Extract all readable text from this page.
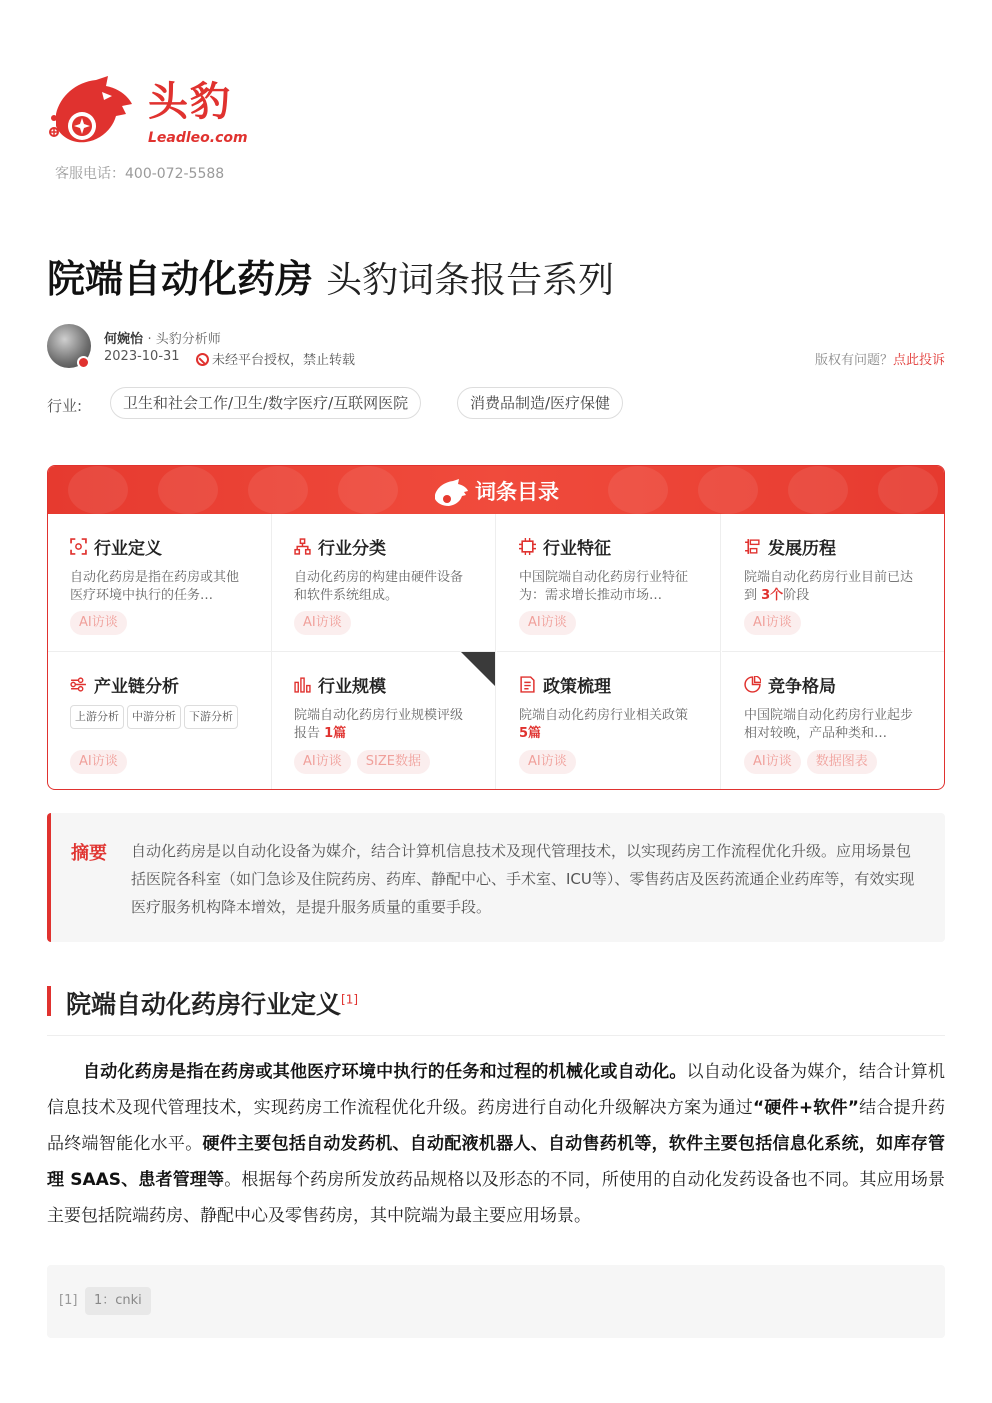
头豹
Leadleo.com
客服电话：400-072-5588
院端自动化药房 头豹词条报告系列
何婉怡 · 头豹分析师
2023-10-31	未经平台授权，禁止转载	版权有问题？点此投诉
行业:	卫生和社会工作/卫生/数字医疗/互联网医院	消费品制造/医疗保健
词条目录
行业定义
自动化药房是指在药房或其他医疗环境中执行的任务…
AI访谈
行业分类
自动化药房的构建由硬件设备和软件系统组成。
AI访谈
行业特征
中国院端自动化药房行业特征为：需求增长推动市场…
AI访谈
发展历程
院端自动化药房行业目前已达到 3个阶段
AI访谈
产业链分析
上游分析 中游分析 下游分析
AI访谈
行业规模
院端自动化药房行业规模评级报告 1篇
AI访谈 SIZE数据
政策梳理
院端自动化药房行业相关政策 5篇
AI访谈
竞争格局
中国院端自动化药房行业起步相对较晚，产品种类和…
AI访谈 数据图表
摘要 自动化药房是以自动化设备为媒介，结合计算机信息技术及现代管理技术，以实现药房工作流程优化升级。应用场景包括医院各科室（如门急诊及住院药房、药库、静配中心、手术室、ICU等）、零售药店及医药流通企业药库等，有效实现医疗服务机构降本增效，是提升服务质量的重要手段。
院端自动化药房行业定义[1]
自动化药房是指在药房或其他医疗环境中执行的任务和过程的机械化或自动化。以自动化设备为媒介，结合计算机信息技术及现代管理技术，实现药房工作流程优化升级。药房进行自动化升级解决方案为通过“硬件+软件”结合提升药品终端智能化水平。硬件主要包括自动发药机、自动配液机器人、自动售药机等，软件主要包括信息化系统，如库存管理 SAAS、患者管理等。根据每个药房所发放药品规格以及形态的不同，所使用的自动化发药设备也不同。其应用场景主要包括院端药房、静配中心及零售药房，其中院端为最主要应用场景。
[1]	1：cnki
